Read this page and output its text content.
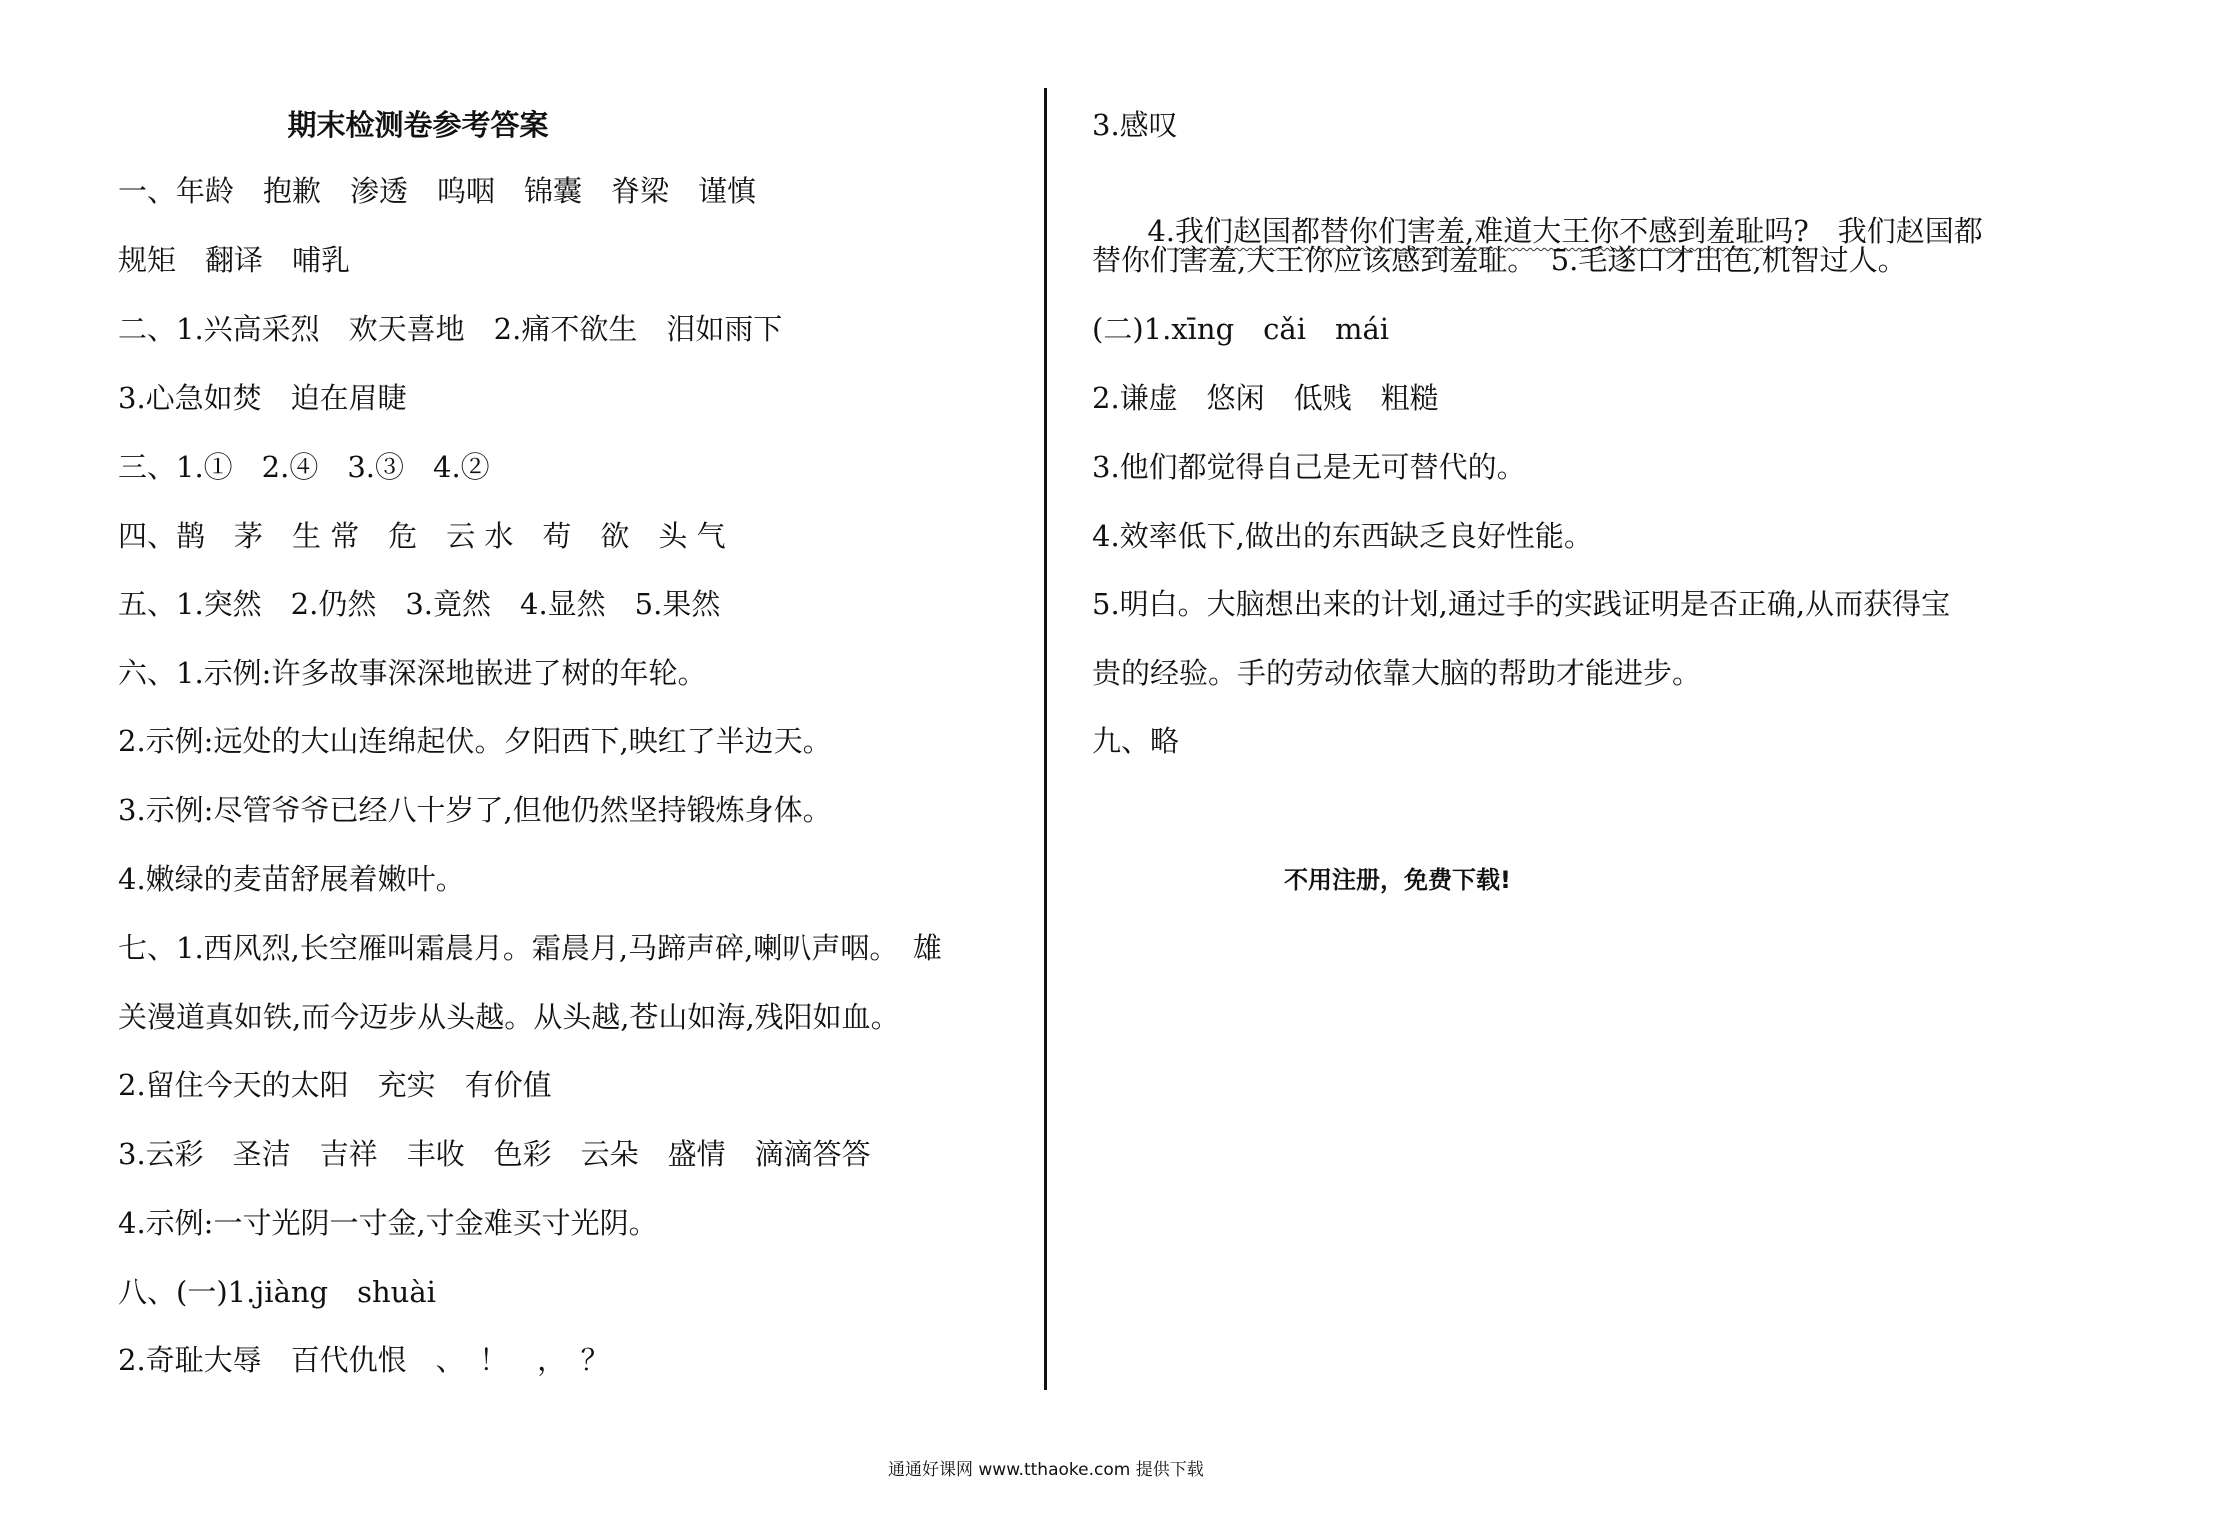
期末检测卷参考答案
一、年龄　抱歉　渗透　呜咽　锦囊　脊梁　谨慎
规矩　翻译　哺乳
二、1.兴高采烈　欢天喜地　2.痛不欲生　泪如雨下
3.心急如焚　迫在眉睫
三、1.①　2.④　3.③　4.②
四、鹊　茅　生 常　危　云 水　苟　欲　头 气
五、1.突然　2.仍然　3.竟然　4.显然　5.果然
六、1.示例:许多故事深深地嵌进了树的年轮。
2.示例:远处的大山连绵起伏。夕阳西下,映红了半边天。
3.示例:尽管爷爷已经八十岁了,但他仍然坚持锻炼身体。
4.嫩绿的麦苗舒展着嫩叶。
七、1.西风烈,长空雁叫霜晨月。霜晨月,马蹄声碎,喇叭声咽。　雄
关漫道真如铁,而今迈步从头越。从头越,苍山如海,残阳如血。
2.留住今天的太阳　充实　有价值
3.云彩　圣洁　吉祥　丰收　色彩　云朵　盛情　滴滴答答
4.示例:一寸光阴一寸金,寸金难买寸光阴。
八、(一)1.jiàng　shuài
2.奇耻大辱　百代仇恨　、　！　，　？
3.感叹

4.我们赵国都替你们害羞,难道大王你不感到羞耻吗?　我们赵国都

替你们害羞,大王你应该感到羞耻。　5.毛遂口才出色,机智过人。
(二)1.xīng　cǎi　mái
2.谦虚　悠闲　低贱　粗糙
3.他们都觉得自己是无可替代的。
4.效率低下,做出的东西缺乏良好性能。
5.明白。大脑想出来的计划,通过手的实践证明是否正确,从而获得宝
贵的经验。手的劳动依靠大脑的帮助才能进步。
九、略
不用注册，免费下载!
通通好课网 www.tthaoke.com 提供下载
